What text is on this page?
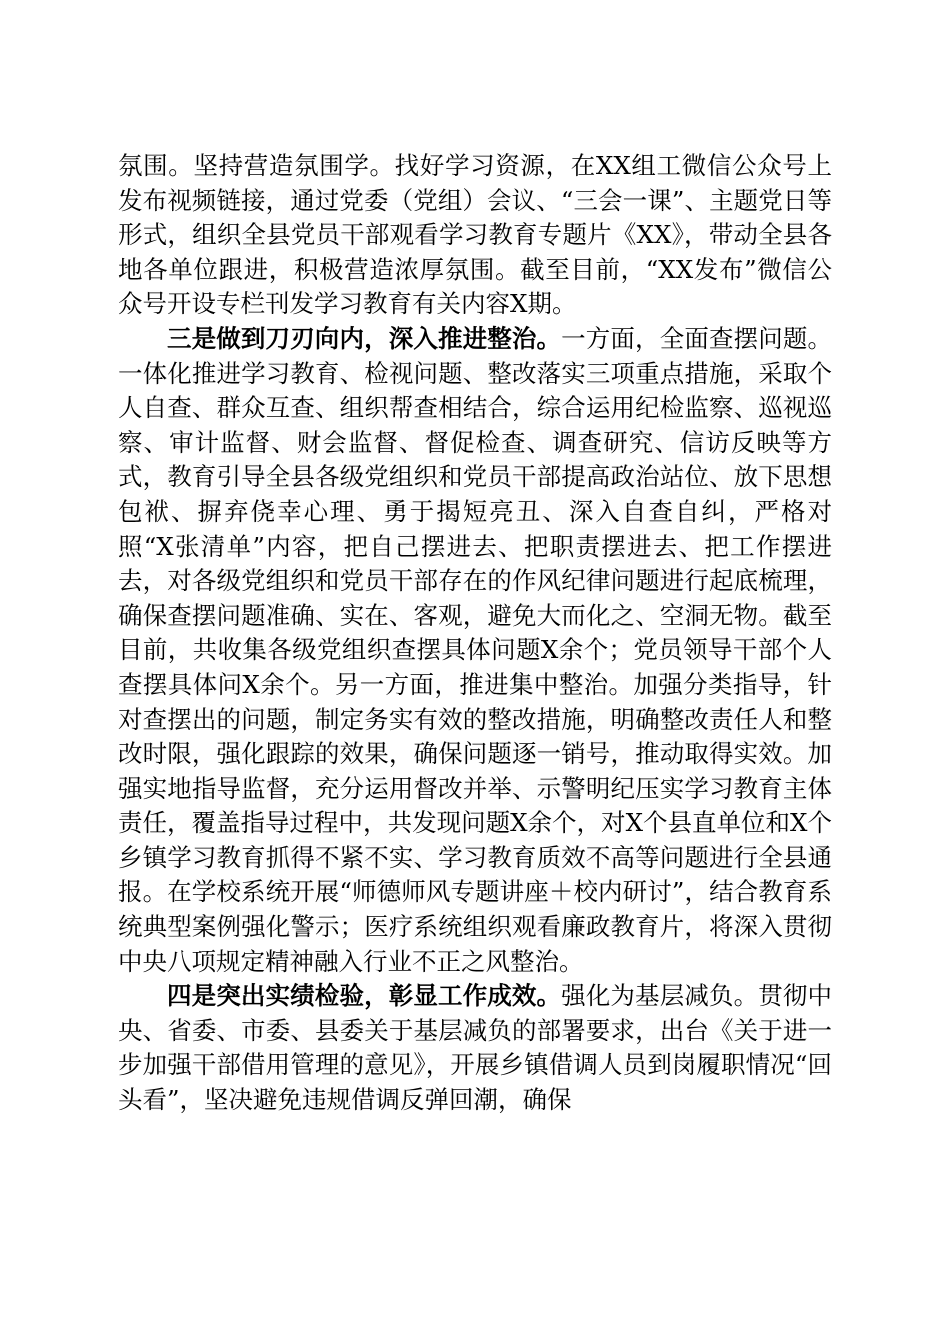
氛围。坚持营造氛围学。找好学习资源，在XX组工微信公众号上发布视频链接，通过党委（党组）会议、“三会一课”、主题党日等形式，组织全县党员干部观看学习教育专题片《XX》，带动全县各地各单位跟进，积极营造浓厚氛围。截至目前，“XX发布”微信公众号开设专栏刊发学习教育有关内容X期。

三是做到刀刃向内，深入推进整治。一方面，全面查摆问题。一体化推进学习教育、检视问题、整改落实三项重点措施，采取个人自查、群众互查、组织帮查相结合，综合运用纪检监察、巡视巡察、审计监督、财会监督、督促检查、调查研究、信访反映等方式，教育引导全县各级党组织和党员干部提高政治站位、放下思想包袱、摒弃侥幸心理、勇于揭短亮丑、深入自查自纠，严格对照“X张清单”内容，把自己摆进去、把职责摆进去、把工作摆进去，对各级党组织和党员干部存在的作风纪律问题进行起底梳理，确保查摆问题准确、实在、客观，避免大而化之、空洞无物。截至目前，共收集各级党组织查摆具体问题X余个；党员领导干部个人查摆具体问X余个。另一方面，推进集中整治。加强分类指导，针对查摆出的问题，制定务实有效的整改措施，明确整改责任人和整改时限，强化跟踪的效果，确保问题逐一销号，推动取得实效。加强实地指导监督，充分运用督改并举、示警明纪压实学习教育主体责任，覆盖指导过程中，共发现问题X余个，对X个县直单位和X个乡镇学习教育抓得不紧不实、学习教育质效不高等问题进行全县通报。在学校系统开展“师德师风专题讲座＋校内研讨”，结合教育系统典型案例强化警示；医疗系统组织观看廉政教育片，将深入贯彻中央八项规定精神融入行业不正之风整治。

四是突出实绩检验，彰显工作成效。强化为基层减负。贯彻中央、省委、市委、县委关于基层减负的部署要求，出台《关于进一步加强干部借用管理的意见》，开展乡镇借调人员到岗履职情况“回头看”，坚决避免违规借调反弹回潮，确保
